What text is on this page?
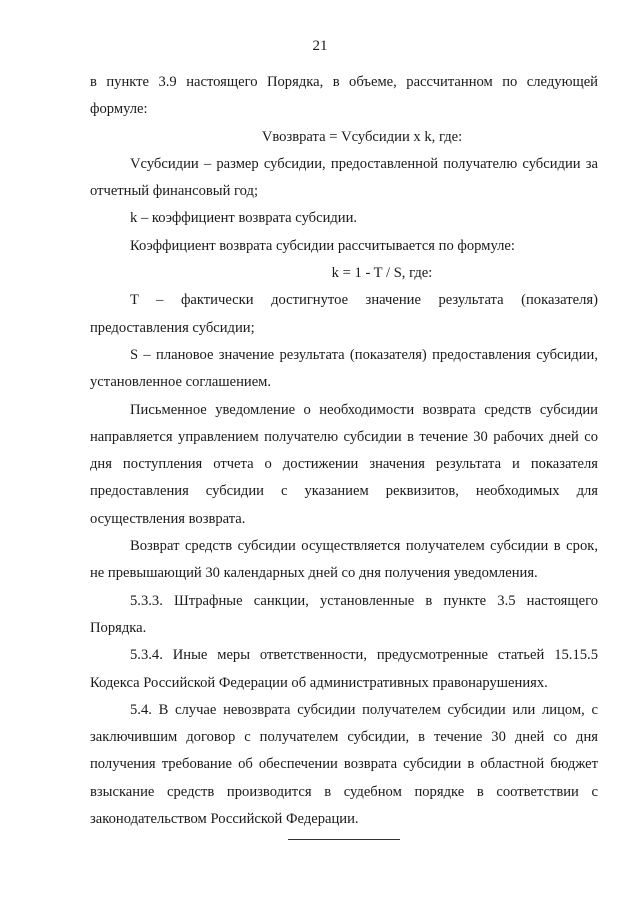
21

в пункте 3.9 настоящего Порядка, в объеме, рассчитанном по следующей формуле:

Vвозврата = Vсубсидии x k, где:

Vсубсидии – размер субсидии, предоставленной получателю субсидии за отчетный финансовый год;

k – коэффициент возврата субсидии.

Коэффициент возврата субсидии рассчитывается по формуле:

k = 1 - T / S, где:

T – фактически достигнутое значение результата (показателя) предоставления субсидии;

S – плановое значение результата (показателя) предоставления субсидии, установленное соглашением.

Письменное уведомление о необходимости возврата средств субсидии направляется управлением получателю субсидии в течение 30 рабочих дней со дня поступления отчета о достижении значения результата и показателя предоставления субсидии с указанием реквизитов, необходимых для осуществления возврата.

Возврат средств субсидии осуществляется получателем субсидии в срок, не превышающий 30 календарных дней со дня получения уведомления.

5.3.3. Штрафные санкции, установленные в пункте 3.5 настоящего Порядка.

5.3.4. Иные меры ответственности, предусмотренные статьей 15.15.5 Кодекса Российской Федерации об административных правонарушениях.

5.4. В случае невозврата субсидии получателем субсидии или лицом, с заключившим договор с получателем субсидии, в течение 30 дней со дня получения требование об обеспечении возврата субсидии в областной бюджет взыскание средств производится в судебном порядке в соответствии с законодательством Российской Федерации.
